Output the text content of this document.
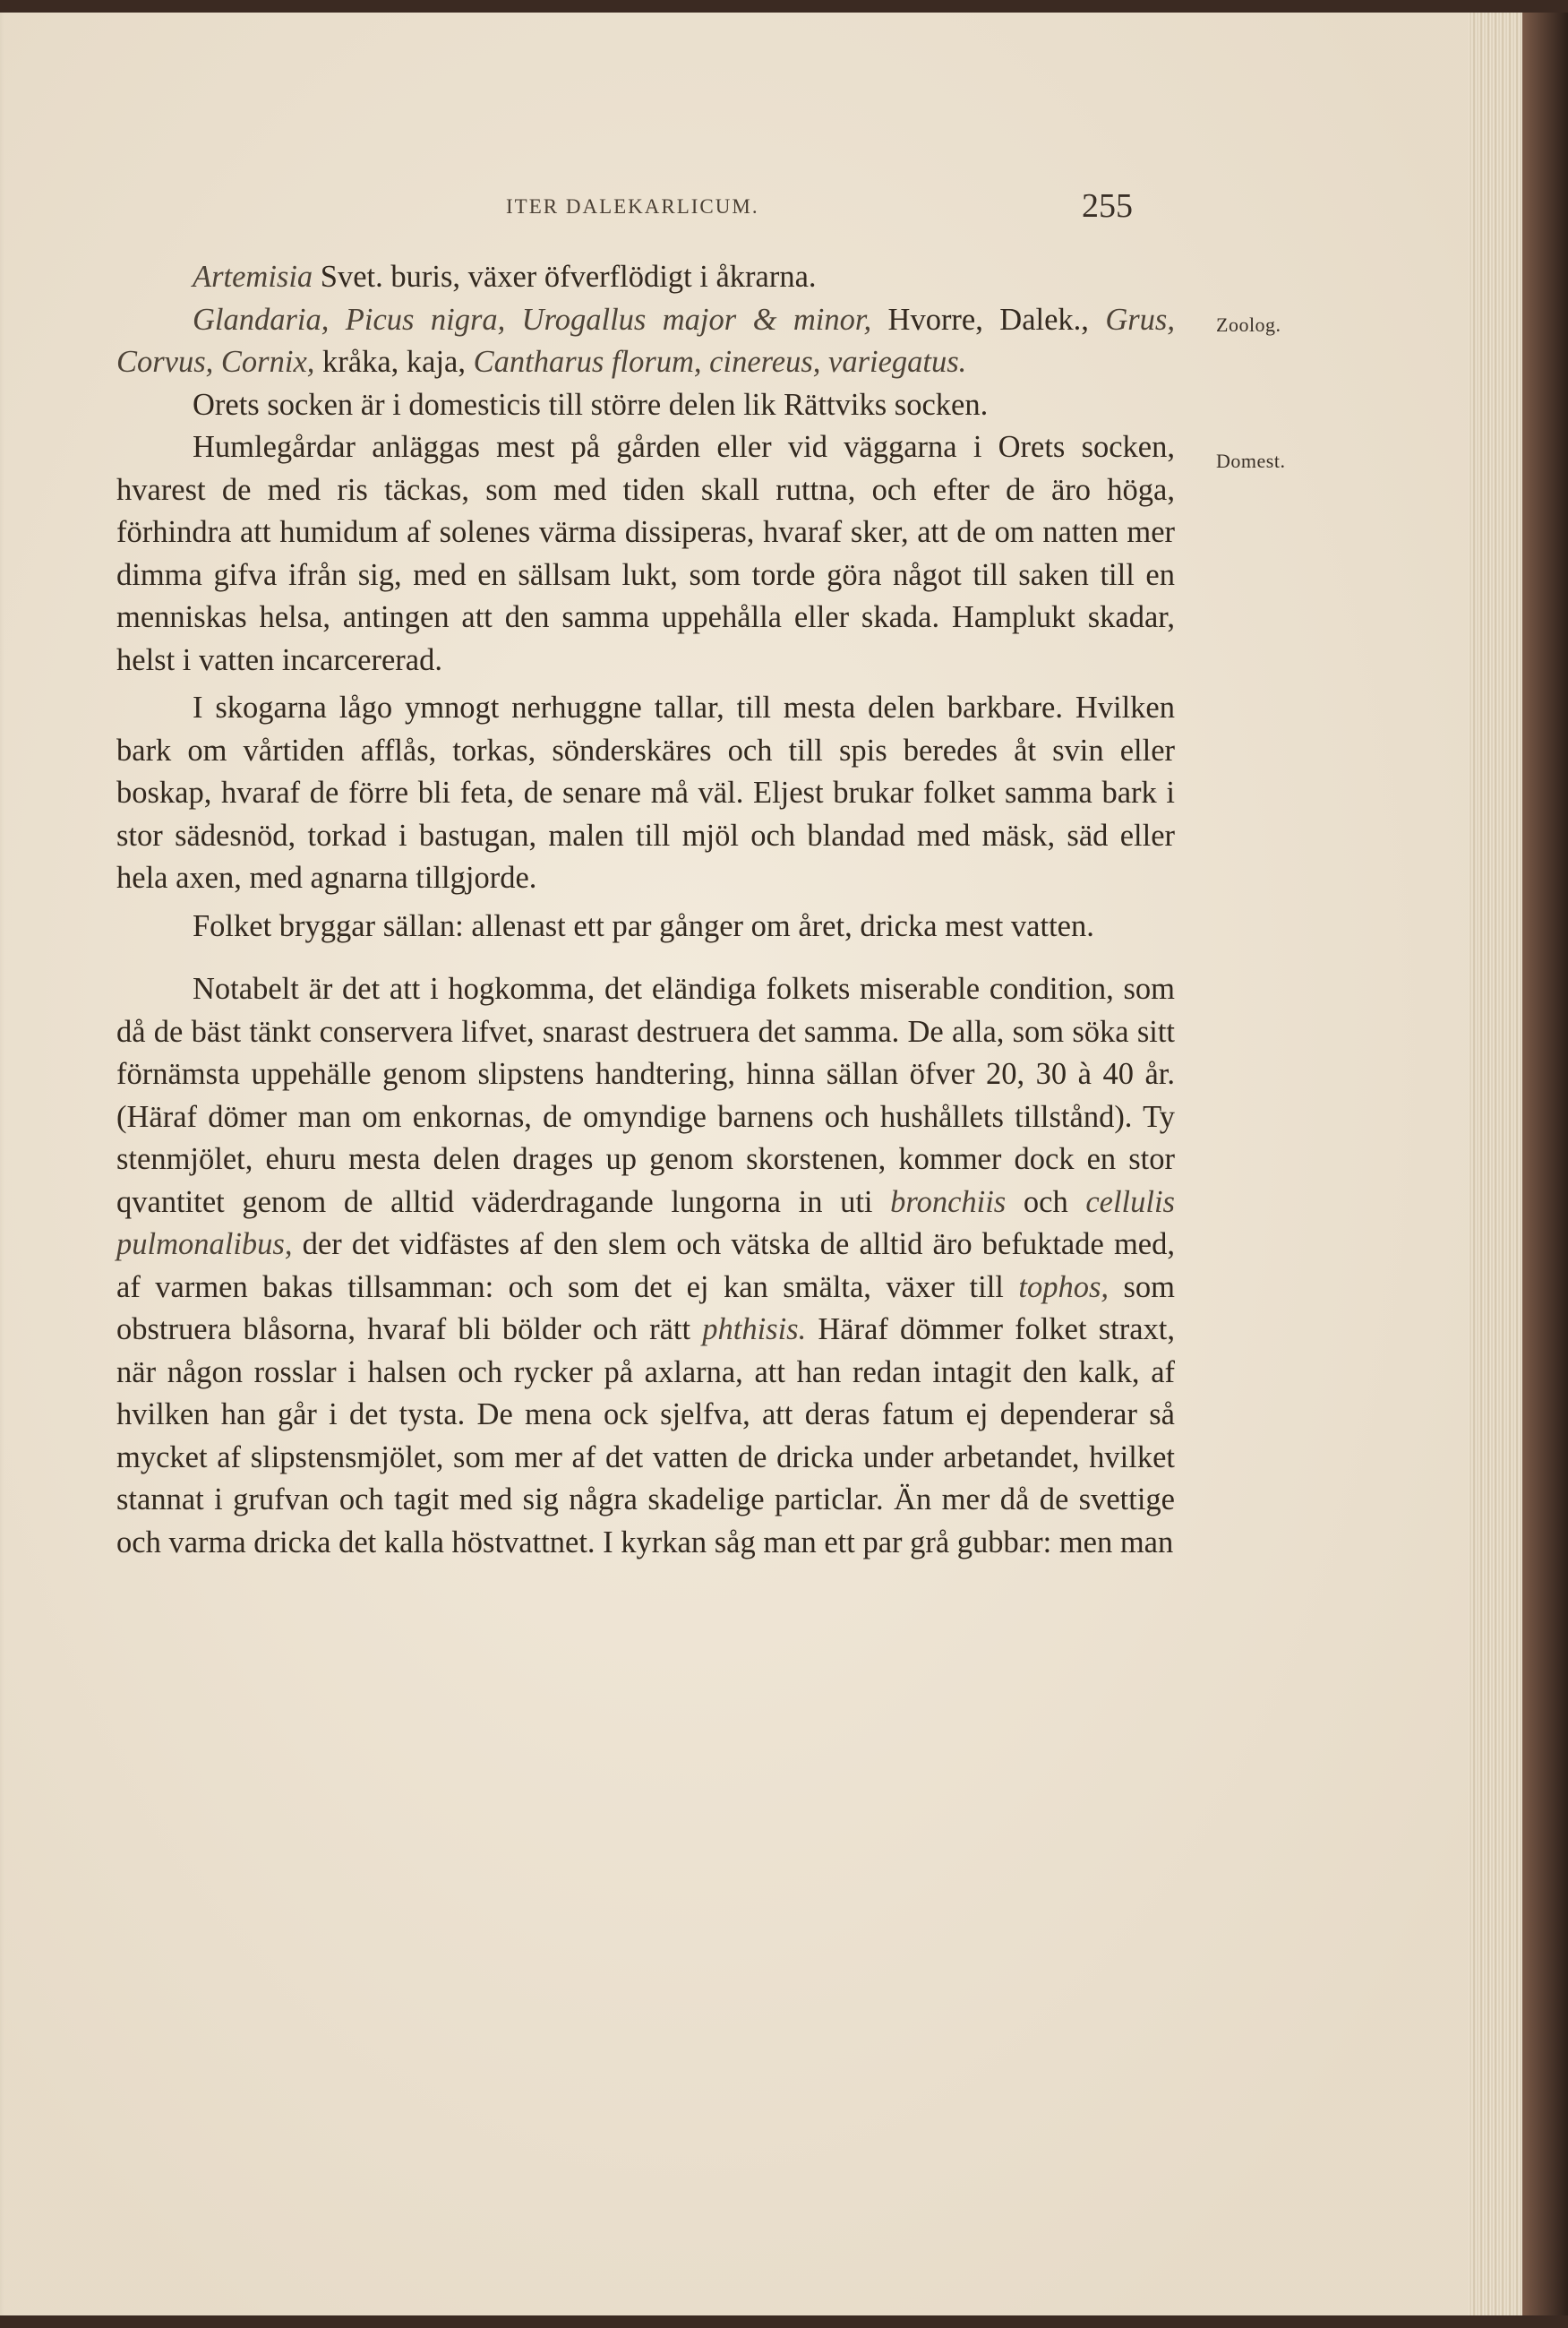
ITER DALEKARLICUM.	255
Zoolog.
Domest.

Artemisia Svet. buris, växer öfverflödigt i åkrarna.

Glandaria, Picus nigra, Urogallus major & minor, Hvorre, Dalek., Grus, Corvus, Cornix, kråka, kaja, Cantharus florum, cinereus, variegatus.

Orets socken är i domesticis till större delen lik Rättviks socken.

Humlegårdar anläggas mest på gården eller vid väggarna i Orets socken, hvarest de med ris täckas, som med tiden skall ruttna, och efter de äro höga, förhindra att humidum af solenes värma dissiperas, hvaraf sker, att de om natten mer dimma gifva ifrån sig, med en sällsam lukt, som torde göra något till saken till en menniskas helsa, antingen att den samma uppehålla eller skada. Hamplukt skadar, helst i vatten incarcererad.

I skogarna lågo ymnogt nerhuggne tallar, till mesta delen barkbare. Hvilken bark om vårtiden afflås, torkas, sönderskäres och till spis beredes åt svin eller boskap, hvaraf de förre bli feta, de senare må väl. Eljest brukar folket samma bark i stor sädesnöd, torkad i bastugan, malen till mjöl och blandad med mäsk, säd eller hela axen, med agnarna tillgjorde.

Folket bryggar sällan: allenast ett par gånger om året, dricka mest vatten.

Notabelt är det att i hogkomma, det eländiga folkets miserable condition, som då de bäst tänkt conservera lifvet, snarast destruera det samma. De alla, som söka sitt förnämsta uppehälle genom slipstens handtering, hinna sällan öfver 20, 30 à 40 år. (Häraf dömer man om enkornas, de omyndige barnens och hushållets tillstånd). Ty stenmjölet, ehuru mesta delen drages up genom skorstenen, kommer dock en stor qvantitet genom de alltid väderdragande lungorna in uti bronchiis och cellulis pulmonalibus, der det vidfästes af den slem och vätska de alltid äro befuktade med, af varmen bakas tillsamman: och som det ej kan smälta, växer till tophos, som obstruera blåsorna, hvaraf bli bölder och rätt phthisis. Häraf dömmer folket straxt, när någon rosslar i halsen och rycker på axlarna, att han redan intagit den kalk, af hvilken han går i det tysta. De mena ock sjelfva, att deras fatum ej dependerar så mycket af slipstensmjölet, som mer af det vatten de dricka under arbetandet, hvilket stannat i grufvan och tagit med sig några skadelige particlar. Än mer då de svettige och varma dricka det kalla höstvattnet. I kyrkan såg man ett par grå gubbar: men man
